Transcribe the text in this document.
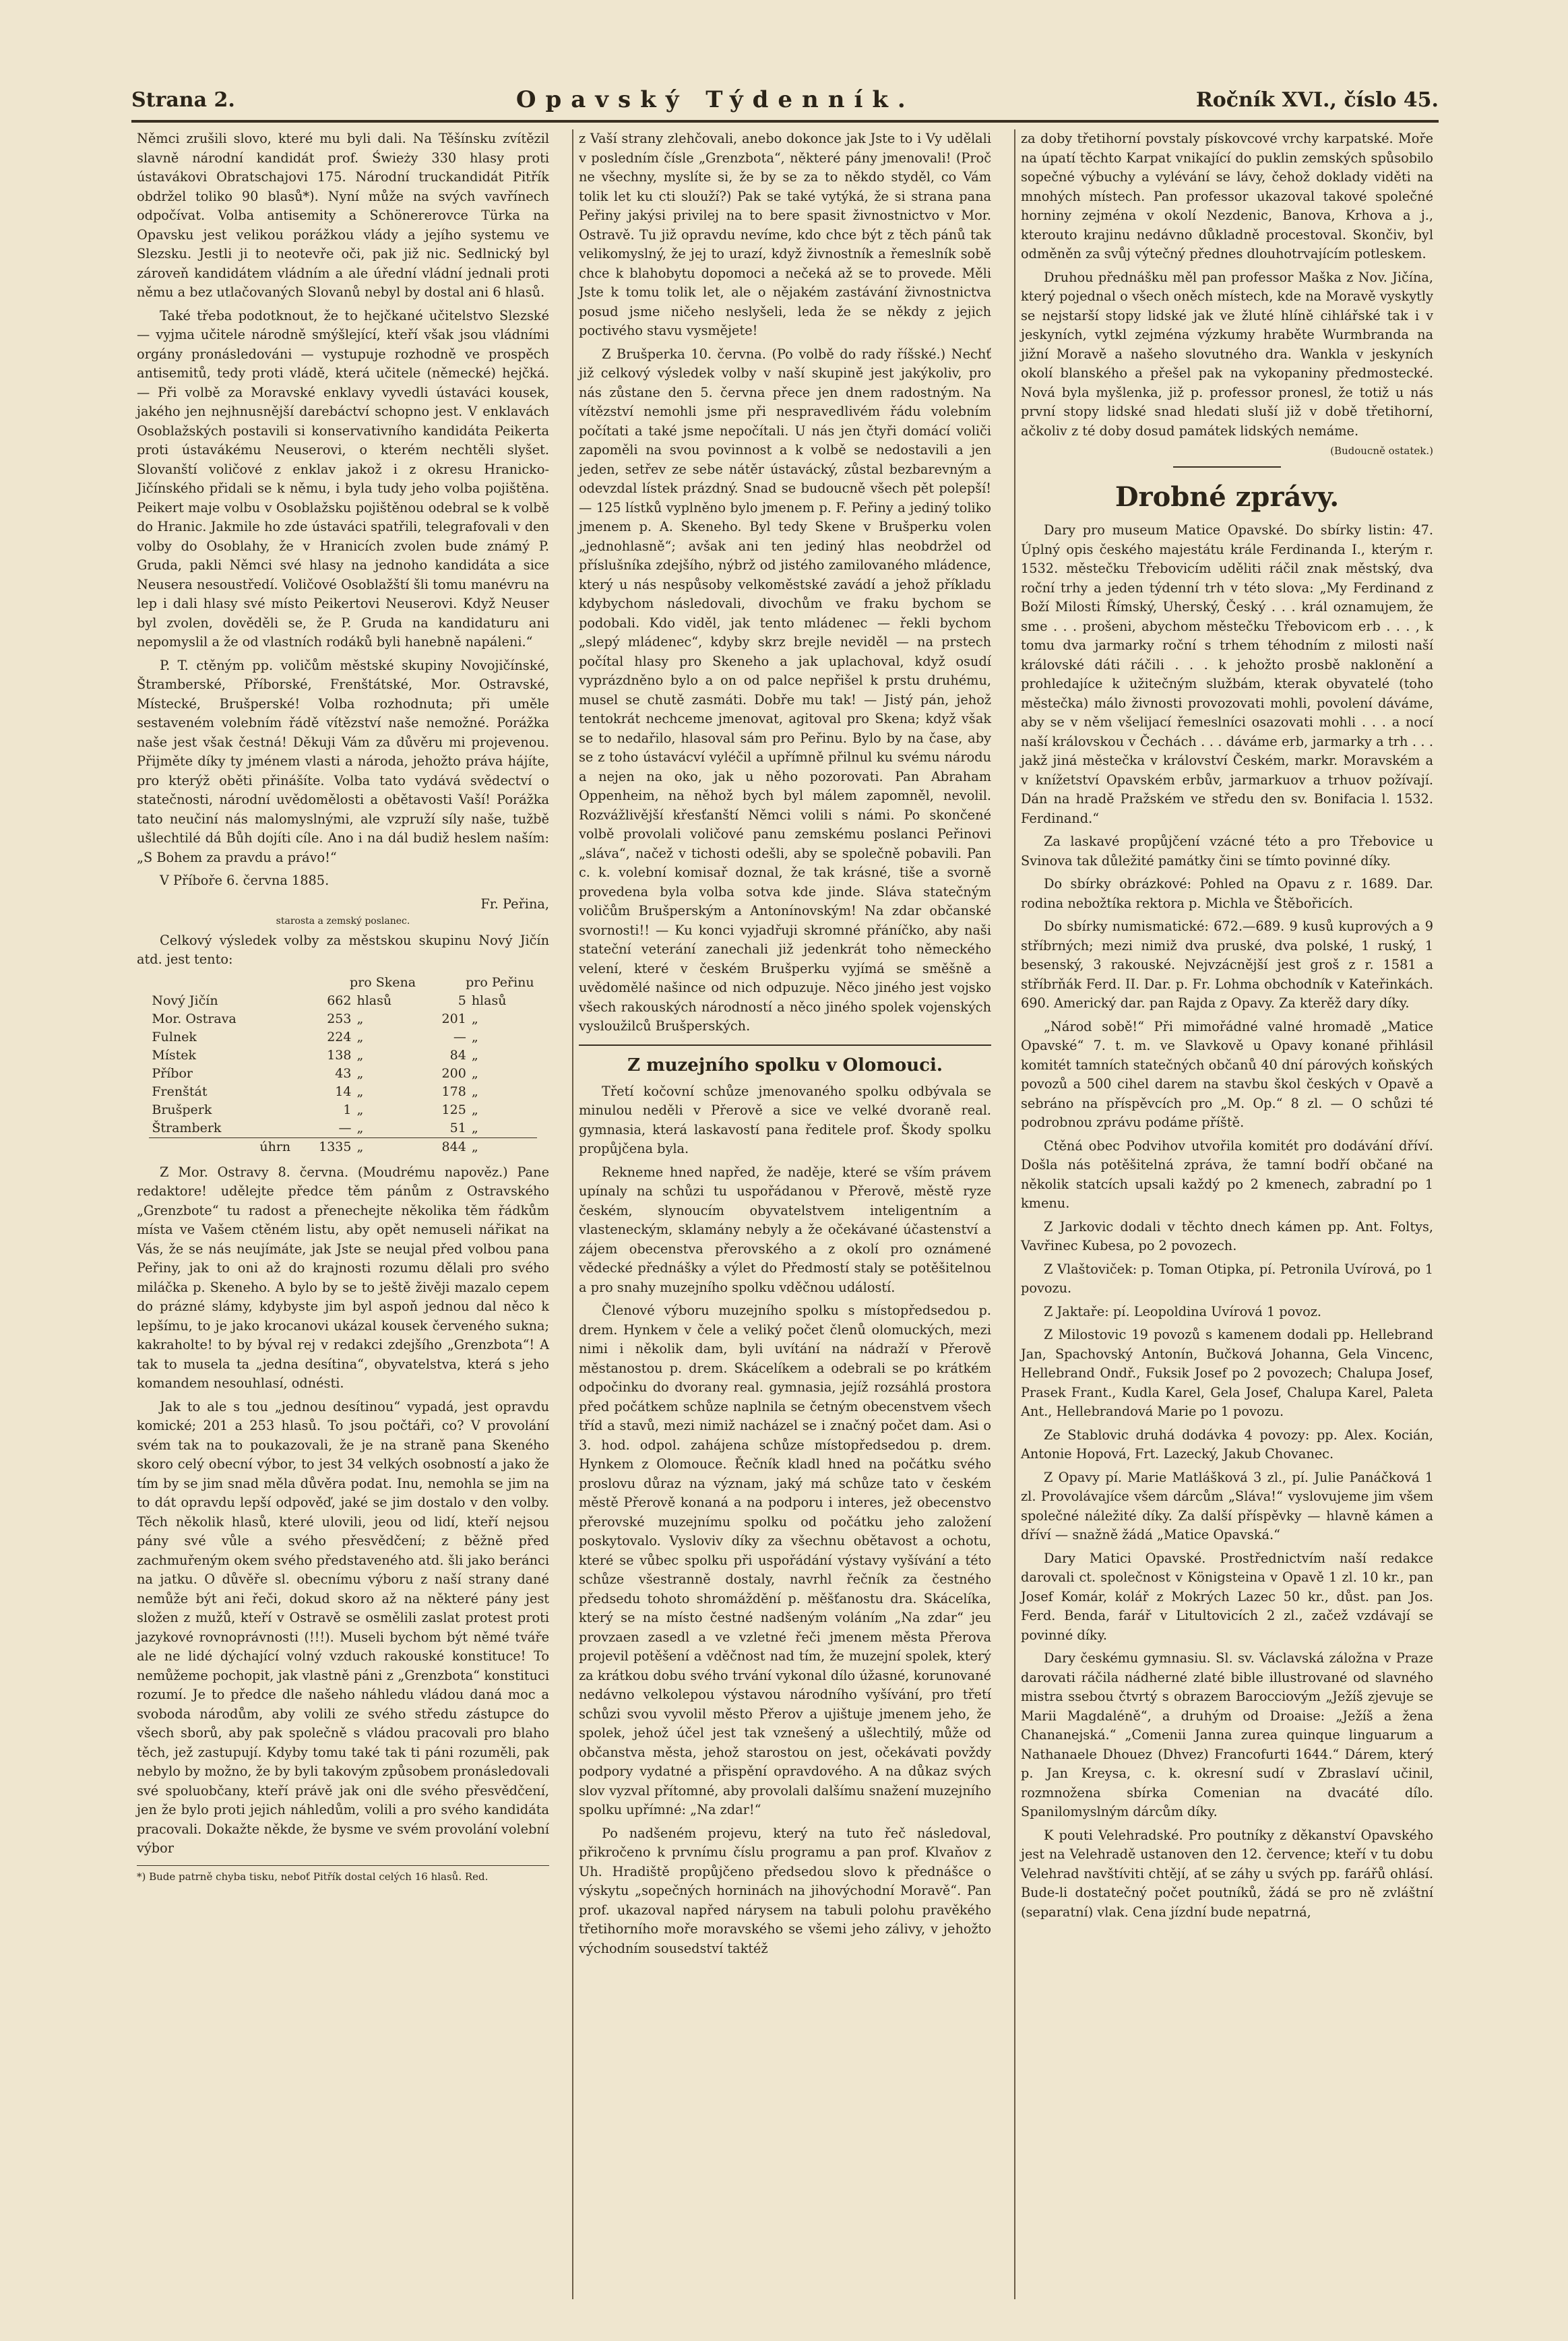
Strana 2.	Opavský Týdenník.	Ročník XVI., číslo 45.

Němci zrušili slovo, které mu byli dali. Na Těšínsku zvítězil slavně národní kandidát prof. Świeży 330 hlasy proti ústavákovi Obratschajovi 175. Národní truckandidát Pitřík obdržel toliko 90 blasů*). Nyní může na svých vavřínech odpočívat. Volba antisemity a Schönererovce Türka na Opavsku jest velikou porážkou vlády a jejího systemu ve Slezsku. Jestli ji to neotevře oči, pak již nic. Sedlnický byl zároveň kandidátem vládním a ale úřední vládní jednali proti němu a bez utlačovaných Slovanů nebyl by dostal ani 6 hlasů.

Také třeba podotknout, že to hejčkané učitelstvo Slezské — vyjma učitele národně smýšlející, kteří však jsou vládními orgány pronásledováni — vystupuje rozhodně ve prospěch antisemitů, tedy proti vládě, která učitele (německé) hejčká. — Při volbě za Moravské enklavy vyvedli ústaváci kousek, jakého jen nejhnusnější darebáctví schopno jest. V enklavách Osoblažských postavili si konservativního kandidáta Peikerta proti ústavákému Neuserovi, o kterém nechtěli slyšet. Slovanští voličové z enklav jakož i z okresu Hranicko-Jičínského přidali se k němu, i byla tudy jeho volba pojištěna. Peikert maje volbu v Osoblažsku pojištěnou odebral se k volbě do Hranic. Jakmile ho zde ústaváci spatřili, telegrafovali v den volby do Osoblahy, že v Hranicích zvolen bude známý P. Gruda, pakli Němci své hlasy na jednoho kandidáta a sice Neusera nesoustředí. Voličové Osoblažští šli tomu manévru na lep i dali hlasy své místo Peikertovi Neuserovi. Když Neuser byl zvolen, dověděli se, že P. Gruda na kandidaturu ani nepomyslil a že od vlastních rodáků byli hanebně napáleni.“

P. T. ctěným pp. voličům městské skupiny Novojičínské, Štramberské, Příborské, Frenštátské, Mor. Ostravské, Místecké, Brušperské! Volba rozhodnuta; při uměle sestaveném volebním řádě vítězství naše nemožné. Porážka naše jest však čestná! Děkuji Vám za důvěru mi projevenou. Přijměte díky ty jménem vlasti a národa, jehožto práva hájíte, pro kterýž oběti přinášíte. Volba tato vydává svědectví o statečnosti, národní uvědomělosti a obětavosti Vaší! Porážka tato neučiní nás malomyslnými, ale vzpruží síly naše, tužbě ušlechtilé dá Bůh dojíti cíle. Ano i na dál budiž heslem naším: „S Bohem za pravdu a právo!“

V Příboře 6. června 1885.

Fr. Peřina,
starosta a zemský poslanec.

Celkový výsledek volby za městskou skupinu Nový Jičín atd. jest tento:

	pro Skena		pro Peřinu	
Nový Jičín	662	hlasů	5	hlasů
Mor. Ostrava	253	„	201	„
Fulnek	224	„	—	„
Místek	138	„	84	„
Příbor	43	„	200	„
Frenštát	14	„	178	„
Brušperk	1	„	125	„
Štramberk	—	„	51	„
úhrn	1335	„	844	„

Z Mor. Ostravy 8. června. (Moudrému napověz.) Pane redaktore! udělejte předce těm pánům z Ostravského „Grenzbote“ tu radost a přenechejte několika těm řádkům místa ve Vašem ctěném listu, aby opět nemuseli nářikat na Vás, že se nás neujímáte, jak Jste se neujal před volbou pana Peřiny, jak to oni až do krajnosti rozumu dělali pro svého miláčka p. Skeneho. A bylo by se to ještě živěji mazalo cepem do prázné slámy, kdybyste jim byl aspoň jednou dal něco k lepšímu, to je jako krocanovi ukázal kousek červeného sukna; kakraholte! to by býval rej v redakci zdejšího „Grenzbota“! A tak to musela ta „jedna desítina“, obyvatelstva, která s jeho komandem nesouhlasí, odnésti.

Jak to ale s tou „jednou desítinou“ vypadá, jest opravdu komické; 201 a 253 hlasů. To jsou počtáři, co? V provolání svém tak na to poukazovali, že je na straně pana Skeného skoro celý obecní výbor, to jest 34 velkých osobností a jako že tím by se jim snad měla důvěra podat. Inu, nemohla se jim na to dát opravdu lepší odpověď, jaké se jim dostalo v den volby. Těch několik hlasů, které ulovili, jeou od lidí, kteří nejsou pány své vůle a svého přesvědčení; z běžně před zachmuřeným okem svého představeného atd. šli jako beránci na jatku. O důvěře sl. obecnímu výboru z naší strany dané nemůže být ani řeči, dokud skoro až na některé pány jest složen z mužů, kteří v Ostravě se osmělili zaslat protest proti jazykové rovnoprávnosti (!!!). Museli bychom být němé tváře ale ne lidé dýchající volný vzduch rakouské konstituce! To nemůžeme pochopit, jak vlastně páni z „Grenzbota“ konstituci rozumí. Je to předce dle našeho náhledu vládou daná moc a svoboda národům, aby volili ze svého středu zástupce do všech sborů, aby pak společně s vládou pracovali pro blaho těch, jež zastupují. Kdyby tomu také tak ti páni rozuměli, pak nebylo by možno, že by byli takovým způsobem pronásledovali své spoluobčany, kteří právě jak oni dle svého přesvědčení, jen že bylo proti jejich náhledům, volili a pro svého kandidáta pracovali. Dokažte někde, že bysme ve svém provolání volební výbor

*) Bude patrně chyba tisku, neboť Pitřík dostal celých 16 hlasů. Red.

z Vaší strany zlehčovali, anebo dokonce jak Jste to i Vy udělali v posledním čísle „Grenzbota“, některé pány jmenovali! (Proč ne všechny, myslíte si, že by se za to někdo styděl, co Vám tolik let ku cti slouží?) Pak se také vytýká, že si strana pana Peřiny jakýsi privilej na to bere spasit živnostnictvo v Mor. Ostravě. Tu již opravdu nevíme, kdo chce být z těch pánů tak velikomyslný, že jej to urazí, když živnostník a řemeslník sobě chce k blahobytu dopomoci a nečeká až se to provede. Měli Jste k tomu tolik let, ale o nějakém zastávání živnostnictva posud jsme ničeho neslyšeli, leda že se někdy z jejich poctivého stavu vysmějete!

Z Brušperka 10. června. (Po volbě do rady říšské.) Nechť již celkový výsledek volby v naší skupině jest jakýkoliv, pro nás zůstane den 5. června přece jen dnem radostným. Na vítězství nemohli jsme při nespravedlivém řádu volebním počítati a také jsme nepočítali. U nás jen čtyři domácí voliči zapoměli na svou povinnost a k volbě se nedostavili a jen jeden, setřev ze sebe nátěr ústavácký, zůstal bezbarevným a odevzdal lístek prázdný. Snad se budoucně všech pět polepší! — 125 lístků vyplněno bylo jmenem p. F. Peřiny a jediný toliko jmenem p. A. Skeneho. Byl tedy Skene v Brušperku volen „jednohlasně“; avšak ani ten jediný hlas neobdržel od příslušníka zdejšího, nýbrž od jistého zamilovaného mládence, který u nás nespůsoby velkoměstské zavádí a jehož příkladu kdybychom následovali, divochům ve fraku bychom se podobali. Kdo viděl, jak tento mládenec — řekli bychom „slepý mládenec“, kdyby skrz brejle neviděl — na prstech počítal hlasy pro Skeneho a jak uplachoval, když osudí vyprázdněno bylo a on od palce nepřišel k prstu druhému, musel se chutě zasmáti. Dobře mu tak! — Jistý pán, jehož tentokrát nechceme jmenovat, agitoval pro Skena; když však se to nedařilo, hlasoval sám pro Peřinu. Bylo by na čase, aby se z toho ústavácví vyléčil a upřímně přilnul ku svému národu a nejen na oko, jak u něho pozorovati. Pan Abraham Oppenheim, na něhož bych byl málem zapomněl, nevolil. Rozvážlivější křesťanští Němci volili s námi. Po skončené volbě provolali voličové panu zemskému poslanci Peřinovi „sláva“, načež v tichosti odešli, aby se společně pobavili. Pan c. k. volební komisař doznal, že tak krásné, tiše a svorně provedena byla volba sotva kde jinde. Sláva statečným voličům Brušperským a Antonínovským! Na zdar občanské svornosti!! — Ku konci vyjadřuji skromné přáníčko, aby naši stateční veterání zanechali již jedenkrát toho německého velení, které v českém Brušperku vyjímá se směšně a uvědomělé našince od nich odpuzuje. Něco jiného jest vojsko všech rakouských národností a něco jiného spolek vojenských vysloužilců Brušperských.

Z muzejního spolku v Olomouci.

Třetí kočovní schůze jmenovaného spolku odbývala se minulou neděli v Přerově a sice ve velké dvoraně real. gymnasia, která laskavostí pana ředitele prof. Škody spolku propůjčena byla.

Rekneme hned napřed, že naděje, které se vším právem upínaly na schůzi tu uspořádanou v Přerově, městě ryze českém, slynoucím obyvatelstvem inteligentním a vlasteneckým, sklamány nebyly a že očekávané účastenství a zájem obecenstva přerovského a z okolí pro oznámené vědecké přednášky a výlet do Předmostí staly se potěšitelnou a pro snahy muzejního spolku vděčnou událostí.

Členové výboru muzejního spolku s místopředsedou p. drem. Hynkem v čele a veliký počet členů olomuckých, mezi nimi i několik dam, byli uvítání na nádraží v Přerově městanostou p. drem. Skácelíkem a odebrali se po krátkém odpočinku do dvorany real. gymnasia, jejíž rozsáhlá prostora před počátkem schůze naplnila se četným obecenstvem všech tříd a stavů, mezi nimiž nacházel se i značný počet dam. Asi o 3. hod. odpol. zahájena schůze místopředsedou p. drem. Hynkem z Olomouce. Řečník kladl hned na počátku svého proslovu důraz na význam, jaký má schůze tato v českém městě Přerově konaná a na podporu i interes, jež obecenstvo přerovské muzejnímu spolku od počátku jeho založení poskytovalo. Vysloviv díky za všechnu obětavost a ochotu, které se vůbec spolku při uspořádání výstavy vyšívání a této schůze všestranně dostaly, navrhl řečník za čestného předsedu tohoto shromáždění p. měšťanostu dra. Skácelíka, který se na místo čestné nadšeným voláním „Na zdar“ jeu provzaen zasedl a ve vzletné řeči jmenem města Přerova projevil potěšení a vděčnost nad tím, že muzejní spolek, který za krátkou dobu svého trvání vykonal dílo úžasné, korunované nedávno velkolepou výstavou národního vyšívání, pro třetí schůzi svou vyvolil město Přerov a ujištuje jmenem jeho, že spolek, jehož účel jest tak vznešený a ušlechtilý, může od občanstva města, jehož starostou on jest, očekávati povždy podpory vydatné a přispění opravdového. A na důkaz svých slov vyzval přítomné, aby provolali dalšímu snažení muzejního spolku upřímné: „Na zdar!“

Po nadšeném projevu, který na tuto řeč následoval, přikročeno k prvnímu číslu programu a pan prof. Klvaňov z Uh. Hradiště propůjčeno předsedou slovo k přednášce o výskytu „sopečných horninách na jihovýchodní Moravě“. Pan prof. ukazoval napřed nárysem na tabuli polohu pravěkého třetihorního moře moravského se všemi jeho zálivy, v jehožto východním sousedství taktéž

za doby třetihorní povstaly pískovcové vrchy karpatské. Moře na úpatí těchto Karpat vnikající do puklin zemských spůsobilo sopečné výbuchy a vylévání se lávy, čehož doklady viděti na mnohých místech. Pan professor ukazoval takové společné horniny zejména v okolí Nezdenic, Banova, Krhova a j., kterouto krajinu nedávno důkladně procestoval. Skončiv, byl odměněn za svůj výtečný přednes dlouhotrvajícím potleskem.

Druhou přednášku měl pan professor Maška z Nov. Jičína, který pojednal o všech oněch místech, kde na Moravě vyskytly se nejstarší stopy lidské jak ve žluté hlíně cihlářské tak i v jeskyních, vytkl zejména výzkumy hraběte Wurmbranda na jižní Moravě a našeho slovutného dra. Wankla v jeskyních okolí blanského a přešel pak na vykopaniny předmostecké. Nová byla myšlenka, již p. professor pronesl, že totiž u nás první stopy lidské snad hledati sluší již v době třetihorní, ačkoliv z té doby dosud památek lidských nemáme.

(Budoucně ostatek.)
Drobné zprávy.

Dary pro museum Matice Opavské. Do sbírky listin: 47. Úplný opis českého majestátu krále Ferdinanda I., kterým r. 1532. městečku Třebovicím uděliti ráčil znak městský, dva roční trhy a jeden týdenní trh v této slova: „My Ferdinand z Boží Milosti Římský, Uherský, Český . . . král oznamujem, že sme . . . prošeni, abychom městečku Třebovicom erb . . . , k tomu dva jarmarky roční s trhem téhodním z milosti naší královské dáti ráčili . . . k jehožto prosbě naklonění a prohledajíce k užitečným službám, kterak obyvatelé (toho městečka) málo živnosti provozovati mohli, povolení dáváme, aby se v něm všelijací řemeslníci osazovati mohli . . . a nocí naší královskou v Čechách . . . dáváme erb, jarmarky a trh . . . jakž jiná městečka v království Českém, markr. Moravském a v knížetství Opavském erbův, jarmarkuov a trhuov požívají. Dán na hradě Pražském ve středu den sv. Bonifacia l. 1532. Ferdinand.“

Za laskavé propůjčení vzácné této a pro Třebovice u Svinova tak důležité památky čini se tímto povinné díky.

Do sbírky obrázkové: Pohled na Opavu z r. 1689. Dar. rodina nebožtíka rektora p. Michla ve Štěbořicích.

Do sbírky numismatické: 672.—689. 9 kusů kuprových a 9 stříbrných; mezi nimiž dva pruské, dva polské, 1 ruský, 1 besenský, 3 rakouské. Nejvzácnější jest groš z r. 1581 a stříbrňák Ferd. II. Dar. p. Fr. Lohma obchodník v Kateřinkách. 690. Americký dar. pan Rajda z Opavy. Za kterěž dary díky.

„Národ sobě!“ Při mimořádné valné hromadě „Matice Opavské“ 7. t. m. ve Slavkově u Opavy konané přihlásil komitét tamních statečných občanů 40 dní párových koňských povozů a 500 cihel darem na stavbu škol českých v Opavě a sebráno na příspěvcích pro „M. Op.“ 8 zl. — O schůzi té podrobnou zprávu podáme příště.

Ctěná obec Podvihov utvořila komitét pro dodávání dříví. Došla nás potěšitelná zpráva, že tamní bodří občané na několik statcích upsali každý po 2 kmenech, zabradní po 1 kmenu.

Z Jarkovic dodali v těchto dnech kámen pp. Ant. Foltys, Vavřinec Kubesa, po 2 povozech.

Z Vlaštoviček: p. Toman Otipka, pí. Petronila Uvírová, po 1 povozu.

Z Jaktaře: pí. Leopoldina Uvírová 1 povoz.

Z Milostovic 19 povozů s kamenem dodali pp. Hellebrand Jan, Spachovský Antonín, Bučková Johanna, Gela Vincenc, Hellebrand Ondř., Fuksik Josef po 2 povozech; Chalupa Josef, Prasek Frant., Kudla Karel, Gela Josef, Chalupa Karel, Paleta Ant., Hellebrandová Marie po 1 povozu.

Ze Stablovic druhá dodávka 4 povozy: pp. Alex. Kocián, Antonie Hopová, Frt. Lazecký, Jakub Chovanec.

Z Opavy pí. Marie Matlášková 3 zl., pí. Julie Panáčková 1 zl. Provolávajíce všem dárcům „Sláva!“ vyslovujeme jim všem společné náležité díky. Za další příspěvky — hlavně kámen a dříví — snažně žádá „Matice Opavská.“

Dary Matici Opavské. Prostřednictvím naší redakce darovali ct. společnost v Königsteina v Opavě 1 zl. 10 kr., pan Josef Komár, kolář z Mokrých Lazec 50 kr., důst. pan Jos. Ferd. Benda, farář v Litultovicích 2 zl., začež vzdávají se povinné díky.

Dary českému gymnasiu. Sl. sv. Václavská záložna v Praze darovati ráčila nádherné zlaté bible illustrované od slavného mistra ssebou čtvrtý s obrazem Barocciovým „Ježíš zjevuje se Marii Magdaléně“, a druhým od Droaise: „Ježíš a žena Chananejská.“ „Comenii Janna zurea quinque linguarum a Nathanaele Dhouez (Dhvez) Francofurti 1644.“ Dárem, který p. Jan Kreysa, c. k. okresní sudí v Zbraslaví učinil, rozmnožena sbírka Comenian na dvacáté dílo. Spanilomyslným dárcům díky.

K pouti Velehradské. Pro poutníky z děkanství Opavského jest na Velehradě ustanoven den 12. července; kteří v tu dobu Velehrad navštíviti chtějí, ať se záhy u svých pp. farářů ohlásí. Bude-li dostatečný počet poutníků, žádá se pro ně zvláštní (separatní) vlak. Cena jízdní bude nepatrná,
